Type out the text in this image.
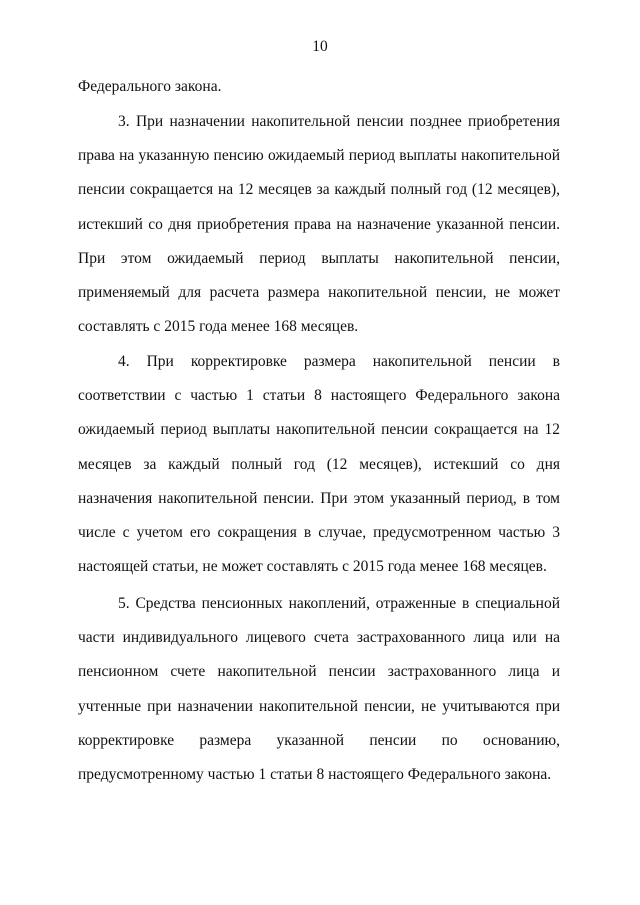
10

Федерального закона.

3. При назначении накопительной пенсии позднее приобретения права на указанную пенсию ожидаемый период выплаты накопительной пенсии сокращается на 12 месяцев за каждый полный год (12 месяцев), истекший со дня приобретения права на назначение указанной пенсии. При этом ожидаемый период выплаты накопительной пенсии, применяемый для расчета размера накопительной пенсии, не может составлять с 2015 года менее 168 месяцев.

4. При корректировке размера накопительной пенсии в соответствии с частью 1 статьи 8 настоящего Федерального закона ожидаемый период выплаты накопительной пенсии сокращается на 12 месяцев за каждый полный год (12 месяцев), истекший со дня назначения накопительной пенсии. При этом указанный период, в том числе с учетом его сокращения в случае, предусмотренном частью 3 настоящей статьи, не может составлять с 2015 года менее 168 месяцев.

5. Средства пенсионных накоплений, отраженные в специальной части индивидуального лицевого счета застрахованного лица или на пенсионном счете накопительной пенсии застрахованного лица и учтенные при назначении накопительной пенсии, не учитываются при корректировке размера указанной пенсии по основанию, предусмотренному частью 1 статьи 8 настоящего Федерального закона.
